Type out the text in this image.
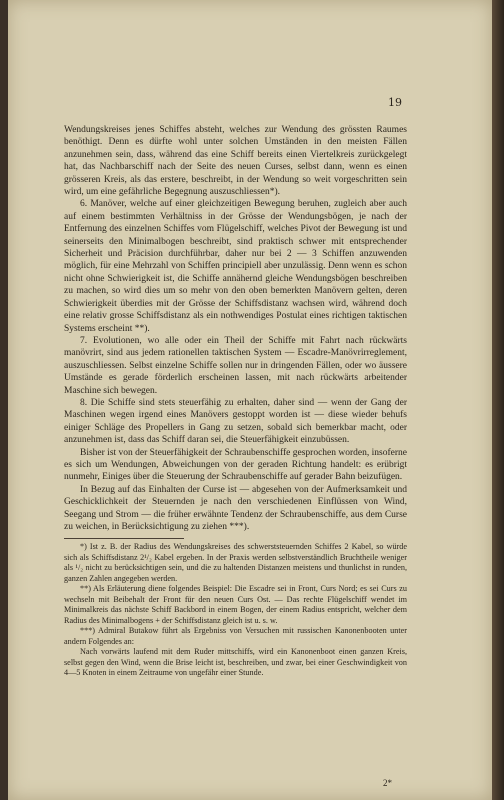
19

Wendungskreises jenes Schiffes absteht, welches zur Wendung des grössten Raumes benöthigt. Denn es dürfte wohl unter solchen Umständen in den meisten Fällen anzunehmen sein, dass, während das eine Schiff bereits einen Viertelkreis zurückgelegt hat, das Nachbarschiff nach der Seite des neuen Curses, selbst dann, wenn es einen grösseren Kreis, als das erstere, beschreibt, in der Wendung so weit vorgeschritten sein wird, um eine gefährliche Begegnung auszuschliessen*).

6. Manöver, welche auf einer gleichzeitigen Bewegung beruhen, zugleich aber auch auf einem bestimmten Verhältniss in der Grösse der Wendungsbögen, je nach der Entfernung des einzelnen Schiffes vom Flügelschiff, welches Pivot der Bewegung ist und seinerseits den Minimalbogen beschreibt, sind praktisch schwer mit entsprechender Sicherheit und Präcision durchführbar, daher nur bei 2 — 3 Schiffen anzuwenden möglich, für eine Mehrzahl von Schiffen principiell aber unzulässig. Denn wenn es schon nicht ohne Schwierigkeit ist, die Schiffe annähernd gleiche Wendungsbögen beschreiben zu machen, so wird dies um so mehr von den oben bemerkten Manövern gelten, deren Schwierigkeit überdies mit der Grösse der Schiffsdistanz wachsen wird, während doch eine relativ grosse Schiffsdistanz als ein nothwendiges Postulat eines richtigen taktischen Systems erscheint **).

7. Evolutionen, wo alle oder ein Theil der Schiffe mit Fahrt nach rückwärts manövrirt, sind aus jedem rationellen taktischen System — Escadre-Manövrirreglement, auszuschliessen. Selbst einzelne Schiffe sollen nur in dringenden Fällen, oder wo äussere Umstände es gerade förderlich erscheinen lassen, mit nach rückwärts arbeitender Maschine sich bewegen.

8. Die Schiffe sind stets steuerfähig zu erhalten, daher sind — wenn der Gang der Maschinen wegen irgend eines Manövers gestoppt worden ist — diese wieder behufs einiger Schläge des Propellers in Gang zu setzen, sobald sich bemerkbar macht, oder anzunehmen ist, dass das Schiff daran sei, die Steuerfähigkeit einzubüssen.

Bisher ist von der Steuerfähigkeit der Schraubenschiffe gesprochen worden, insoferne es sich um Wendungen, Abweichungen von der geraden Richtung handelt: es erübrigt nunmehr, Einiges über die Steuerung der Schraubenschiffe auf gerader Bahn beizufügen.

In Bezug auf das Einhalten der Curse ist — abgesehen von der Aufmerksamkeit und Geschicklichkeit der Steuernden je nach den verschiedenen Einflüssen von Wind, Seegang und Strom — die früher erwähnte Tendenz der Schraubenschiffe, aus dem Curse zu weichen, in Berücksichtigung zu ziehen ***).

*) Ist z. B. der Radius des Wendungskreises des schwerststeuernden Schiffes 2 Kabel, so würde sich als Schiffsdistanz 2¹/₂ Kabel ergeben. In der Praxis werden selbstverständlich Bruchtheile weniger als ¹/₂ nicht zu berücksichtigen sein, und die zu haltenden Distanzen meistens und thunlichst in runden, ganzen Zahlen angegeben werden.

**) Als Erläuterung diene folgendes Beispiel: Die Escadre sei in Front, Curs Nord; es sei Curs zu wechseln mit Beibehalt der Front für den neuen Curs Ost. — Das rechte Flügelschiff wendet im Minimalkreis das nächste Schiff Backbord in einem Bogen, der einem Radius entspricht, welcher dem Radius des Minimalbogens + der Schiffsdistanz gleich ist u. s. w.

***) Admiral Butakow führt als Ergebniss von Versuchen mit russischen Kanonenbooten unter andern Folgendes an:

Nach vorwärts laufend mit dem Ruder mittschiffs, wird ein Kanonenboot einen ganzen Kreis, selbst gegen den Wind, wenn die Brise leicht ist, beschreiben, und zwar, bei einer Geschwindigkeit von 4—5 Knoten in einem Zeitraume von ungefähr einer Stunde.

2*
